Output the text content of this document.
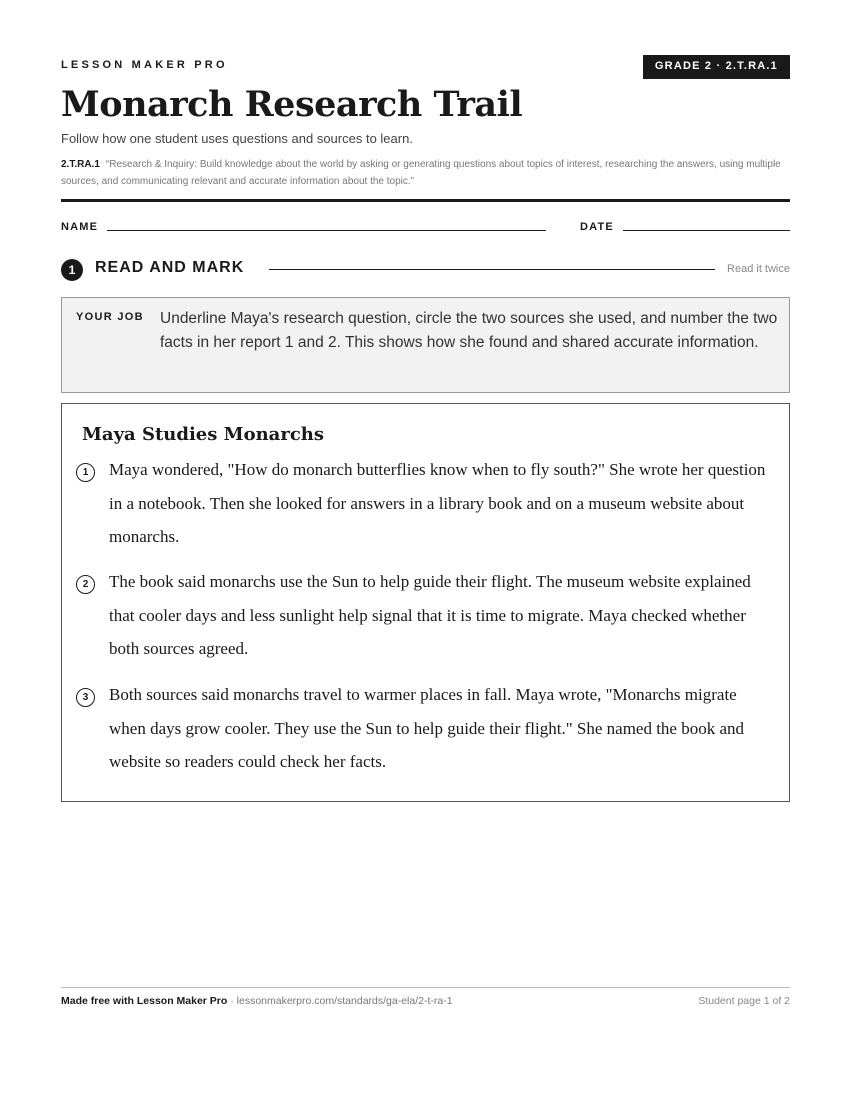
LESSON MAKER PRO	GRADE 2 · 2.T.RA.1
Monarch Research Trail
Follow how one student uses questions and sources to learn.
2.T.RA.1 “Research & Inquiry: Build knowledge about the world by asking or generating questions about topics of interest, researching the answers, using multiple sources, and communicating relevant and accurate information about the topic.”
NAME	DATE
1	READ AND MARK	Read it twice
YOUR JOB Underline Maya's research question, circle the two sources she used, and number the two facts in her report 1 and 2. This shows how she found and shared accurate information.
Maya Studies Monarchs
1	Maya wondered, "How do monarch butterflies know when to fly south?" She wrote her question in a notebook. Then she looked for answers in a library book and on a museum website about monarchs.
2	The book said monarchs use the Sun to help guide their flight. The museum website explained that cooler days and less sunlight help signal that it is time to migrate. Maya checked whether both sources agreed.
3	Both sources said monarchs travel to warmer places in fall. Maya wrote, "Monarchs migrate when days grow cooler. They use the Sun to help guide their flight." She named the book and website so readers could check her facts.
Made free with Lesson Maker Pro · lessonmakerpro.com/standards/ga-ela/2-t-ra-1	Student page 1 of 2
